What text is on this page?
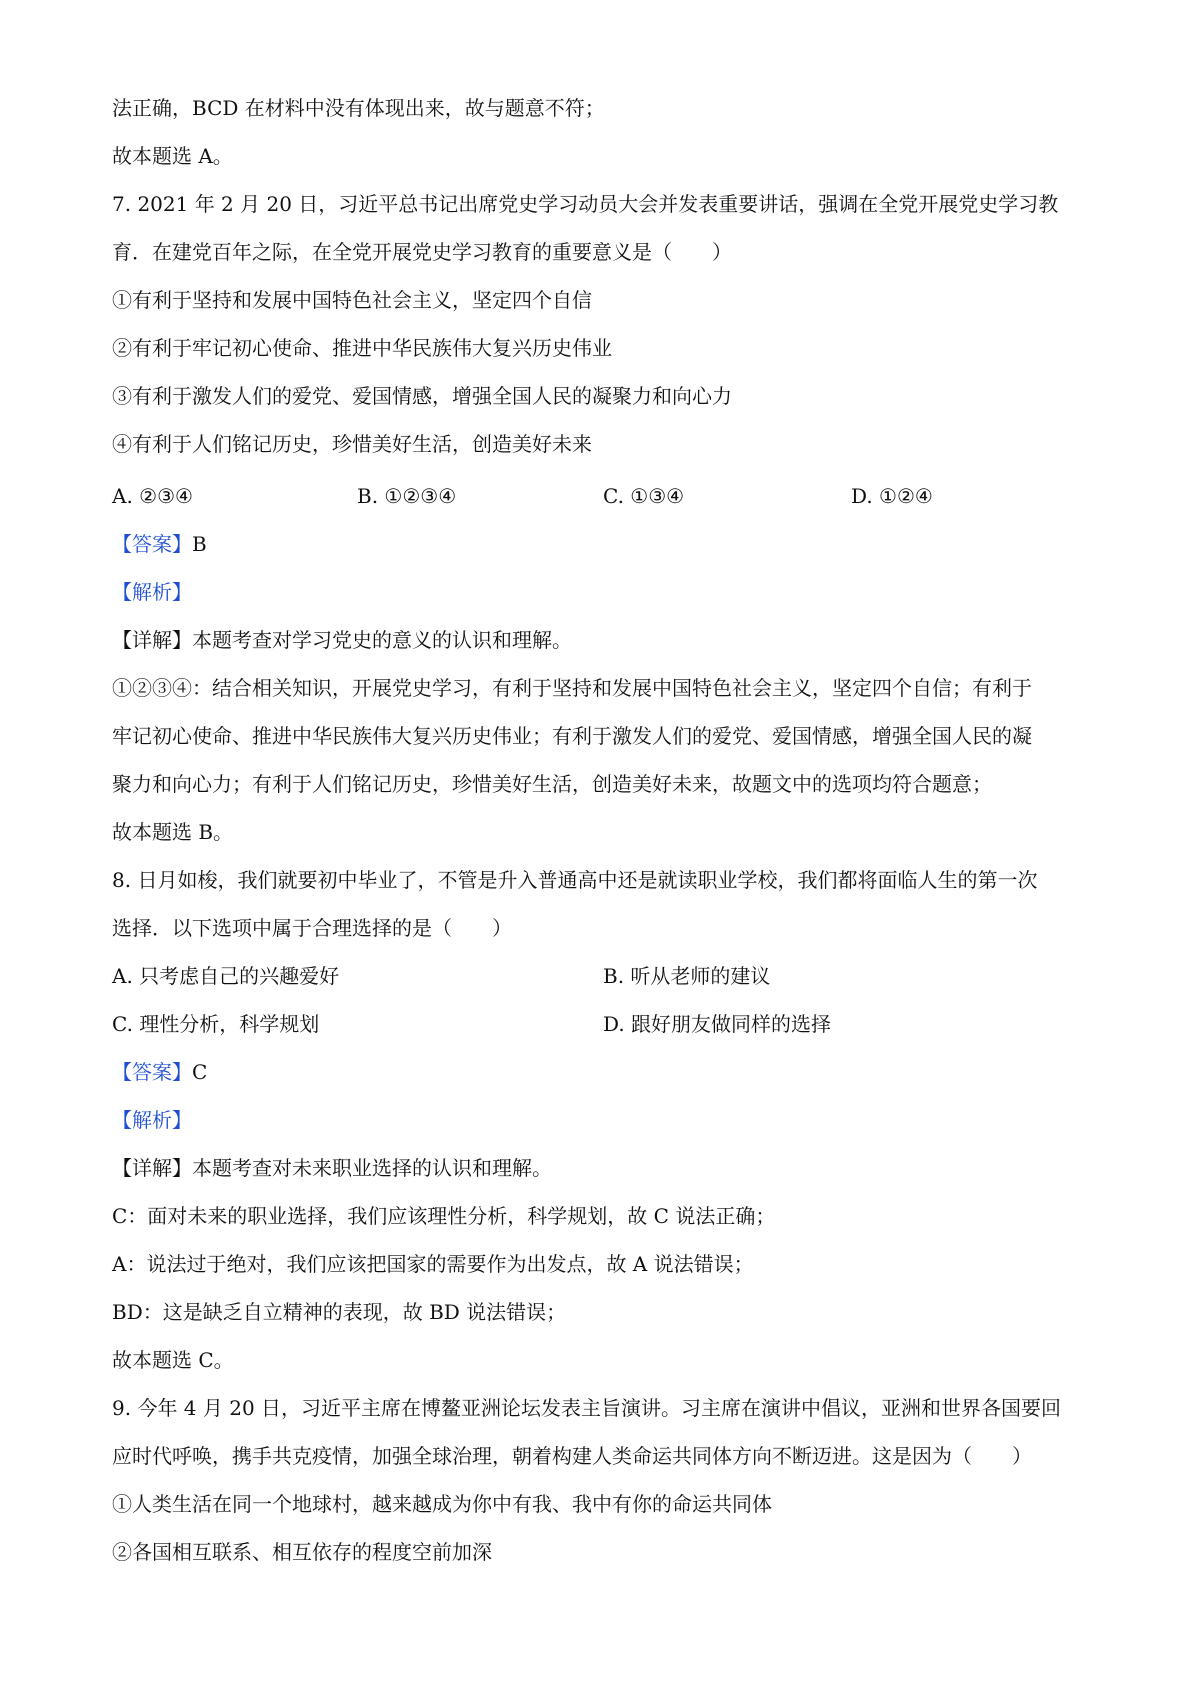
法正确，BCD 在材料中没有体现出来，故与题意不符；
故本题选 A。
7. 2021 年 2 月 20 日，习近平总书记出席党史学习动员大会并发表重要讲话，强调在全党开展党史学习教
育．在建党百年之际，在全党开展党史学习教育的重要意义是（　　）
①有利于坚持和发展中国特色社会主义，坚定四个自信
②有利于牢记初心使命、推进中华民族伟大复兴历史伟业
③有利于激发人们的爱党、爱国情感，增强全国人民的凝聚力和向心力
④有利于人们铭记历史，珍惜美好生活，创造美好未来
A. ②③④	B. ①②③④	C. ①③④	D. ①②④
【答案】B
【解析】
【详解】本题考查对学习党史的意义的认识和理解。
①②③④：结合相关知识，开展党史学习，有利于坚持和发展中国特色社会主义，坚定四个自信；有利于
牢记初心使命、推进中华民族伟大复兴历史伟业；有利于激发人们的爱党、爱国情感，增强全国人民的凝
聚力和向心力；有利于人们铭记历史，珍惜美好生活，创造美好未来，故题文中的选项均符合题意；
故本题选 B。
8. 日月如梭，我们就要初中毕业了，不管是升入普通高中还是就读职业学校，我们都将面临人生的第一次
选择．以下选项中属于合理选择的是（　　）
A. 只考虑自己的兴趣爱好	B. 听从老师的建议
C. 理性分析，科学规划	D. 跟好朋友做同样的选择
【答案】C
【解析】
【详解】本题考查对未来职业选择的认识和理解。
C：面对未来的职业选择，我们应该理性分析，科学规划，故 C 说法正确；
A：说法过于绝对，我们应该把国家的需要作为出发点，故 A 说法错误；
BD：这是缺乏自立精神的表现，故 BD 说法错误；
故本题选 C。
9. 今年 4 月 20 日，习近平主席在博鳌亚洲论坛发表主旨演讲。习主席在演讲中倡议，亚洲和世界各国要回
应时代呼唤，携手共克疫情，加强全球治理，朝着构建人类命运共同体方向不断迈进。这是因为（　　）
①人类生活在同一个地球村，越来越成为你中有我、我中有你的命运共同体
②各国相互联系、相互依存的程度空前加深
